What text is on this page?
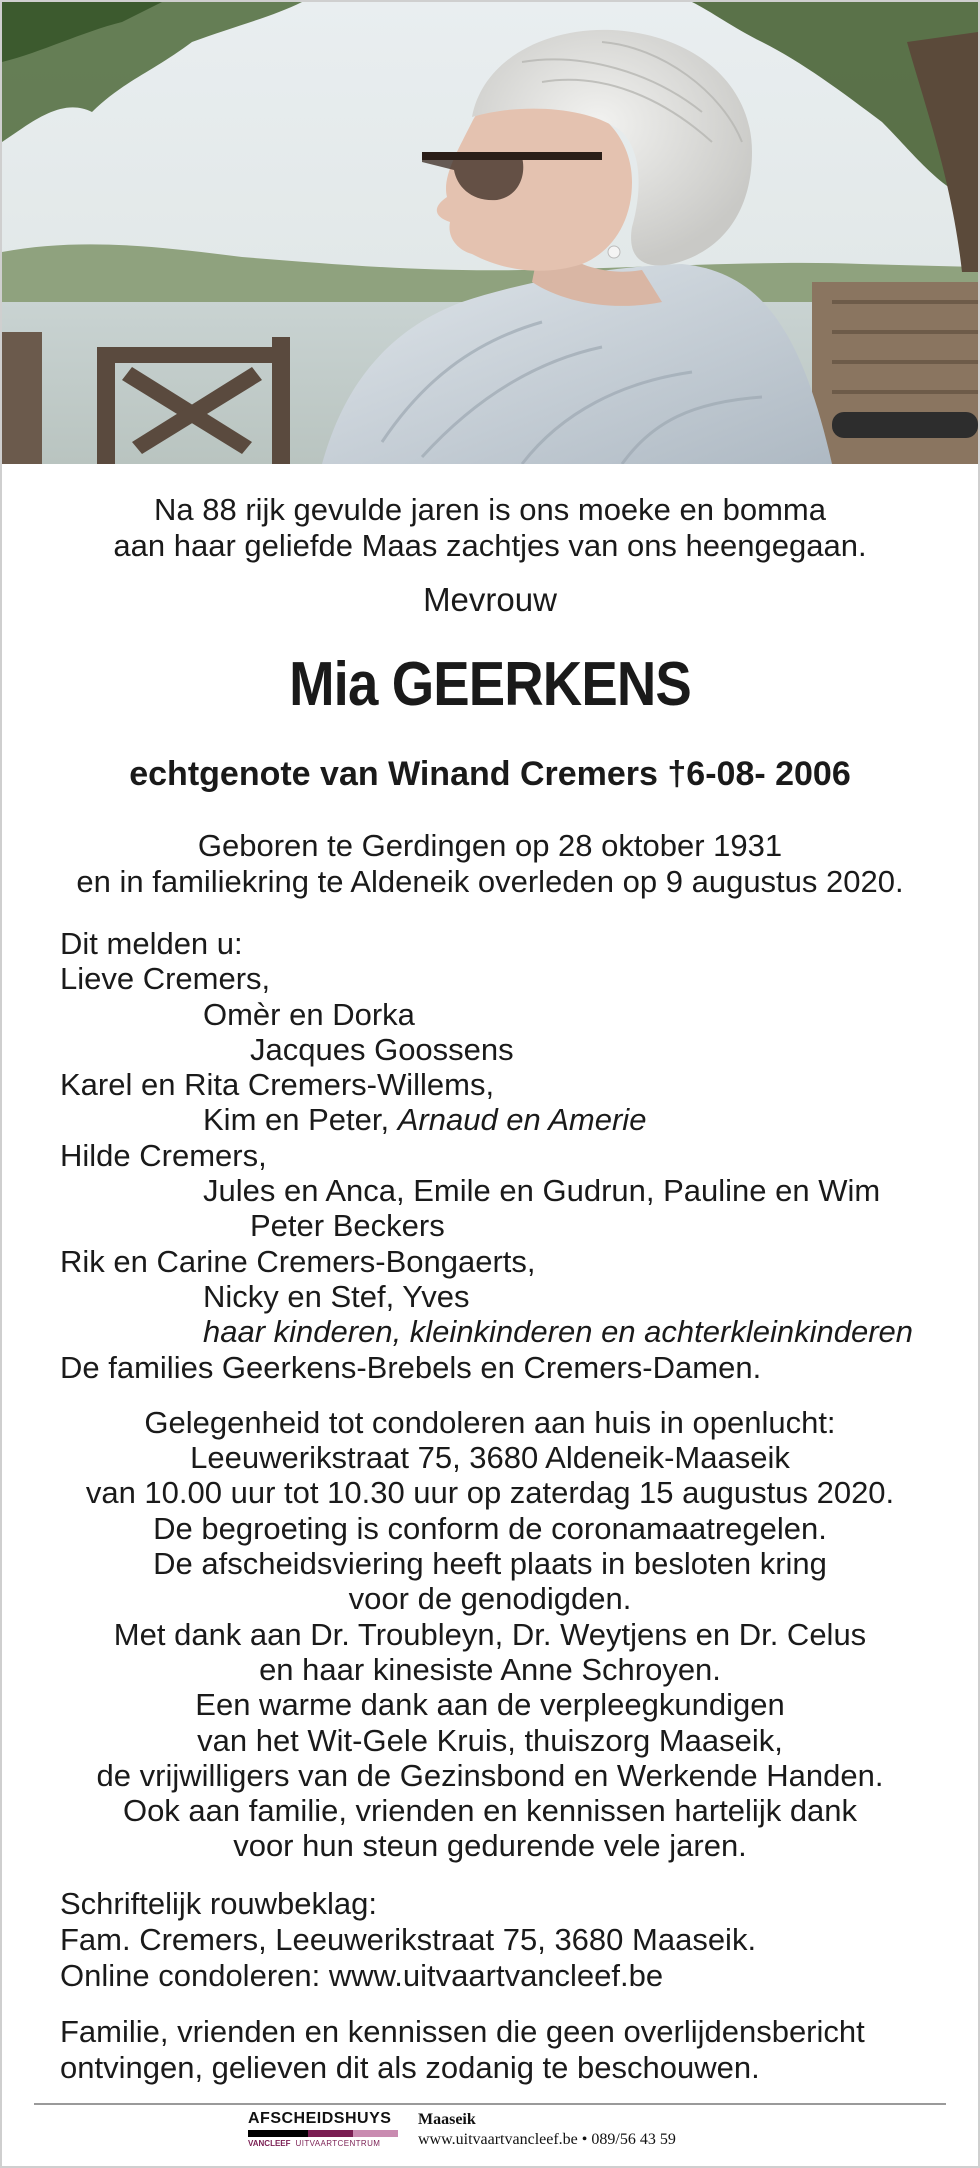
Na 88 rijk gevulde jaren is ons moeke en bomma
aan haar geliefde Maas zachtjes van ons heengegaan.
Mevrouw
Mia GEERKENS
echtgenote van Winand Cremers †6-08- 2006
Geboren te Gerdingen op 28 oktober 1931
en in familiekring te Aldeneik overleden op 9 augustus 2020.
Dit melden u:
Lieve Cremers,
Omèr en Dorka
Jacques Goossens
Karel en Rita Cremers-Willems,
Kim en Peter, Arnaud en Amerie
Hilde Cremers,
Jules en Anca, Emile en Gudrun, Pauline en Wim
Peter Beckers
Rik en Carine Cremers-Bongaerts,
Nicky en Stef, Yves
haar kinderen, kleinkinderen en achterkleinkinderen
De families Geerkens-Brebels en Cremers-Damen.
Gelegenheid tot condoleren aan huis in openlucht:
Leeuwerikstraat 75, 3680 Aldeneik-Maaseik
van 10.00 uur tot 10.30 uur op zaterdag 15 augustus 2020.
De begroeting is conform de coronamaatregelen.
De afscheidsviering heeft plaats in besloten kring
voor de genodigden.
Met dank aan Dr. Troubleyn, Dr. Weytjens en Dr. Celus
en haar kinesiste Anne Schroyen.
Een warme dank aan de verpleegkundigen
van het Wit-Gele Kruis, thuiszorg Maaseik,
de vrijwilligers van de Gezinsbond en Werkende Handen.
Ook aan familie, vrienden en kennissen hartelijk dank
voor hun steun gedurende vele jaren.
Schriftelijk rouwbeklag:
Fam. Cremers, Leeuwerikstraat 75, 3680 Maaseik.
Online condoleren: www.uitvaartvancleef.be
Familie, vrienden en kennissen die geen overlijdensbericht
ontvingen, gelieven dit als zodanig te beschouwen.
AFSCHEIDSHUYS
VANCLEEF UITVAARTCENTRUM
Maaseik
www.uitvaartvancleef.be • 089/56 43 59
